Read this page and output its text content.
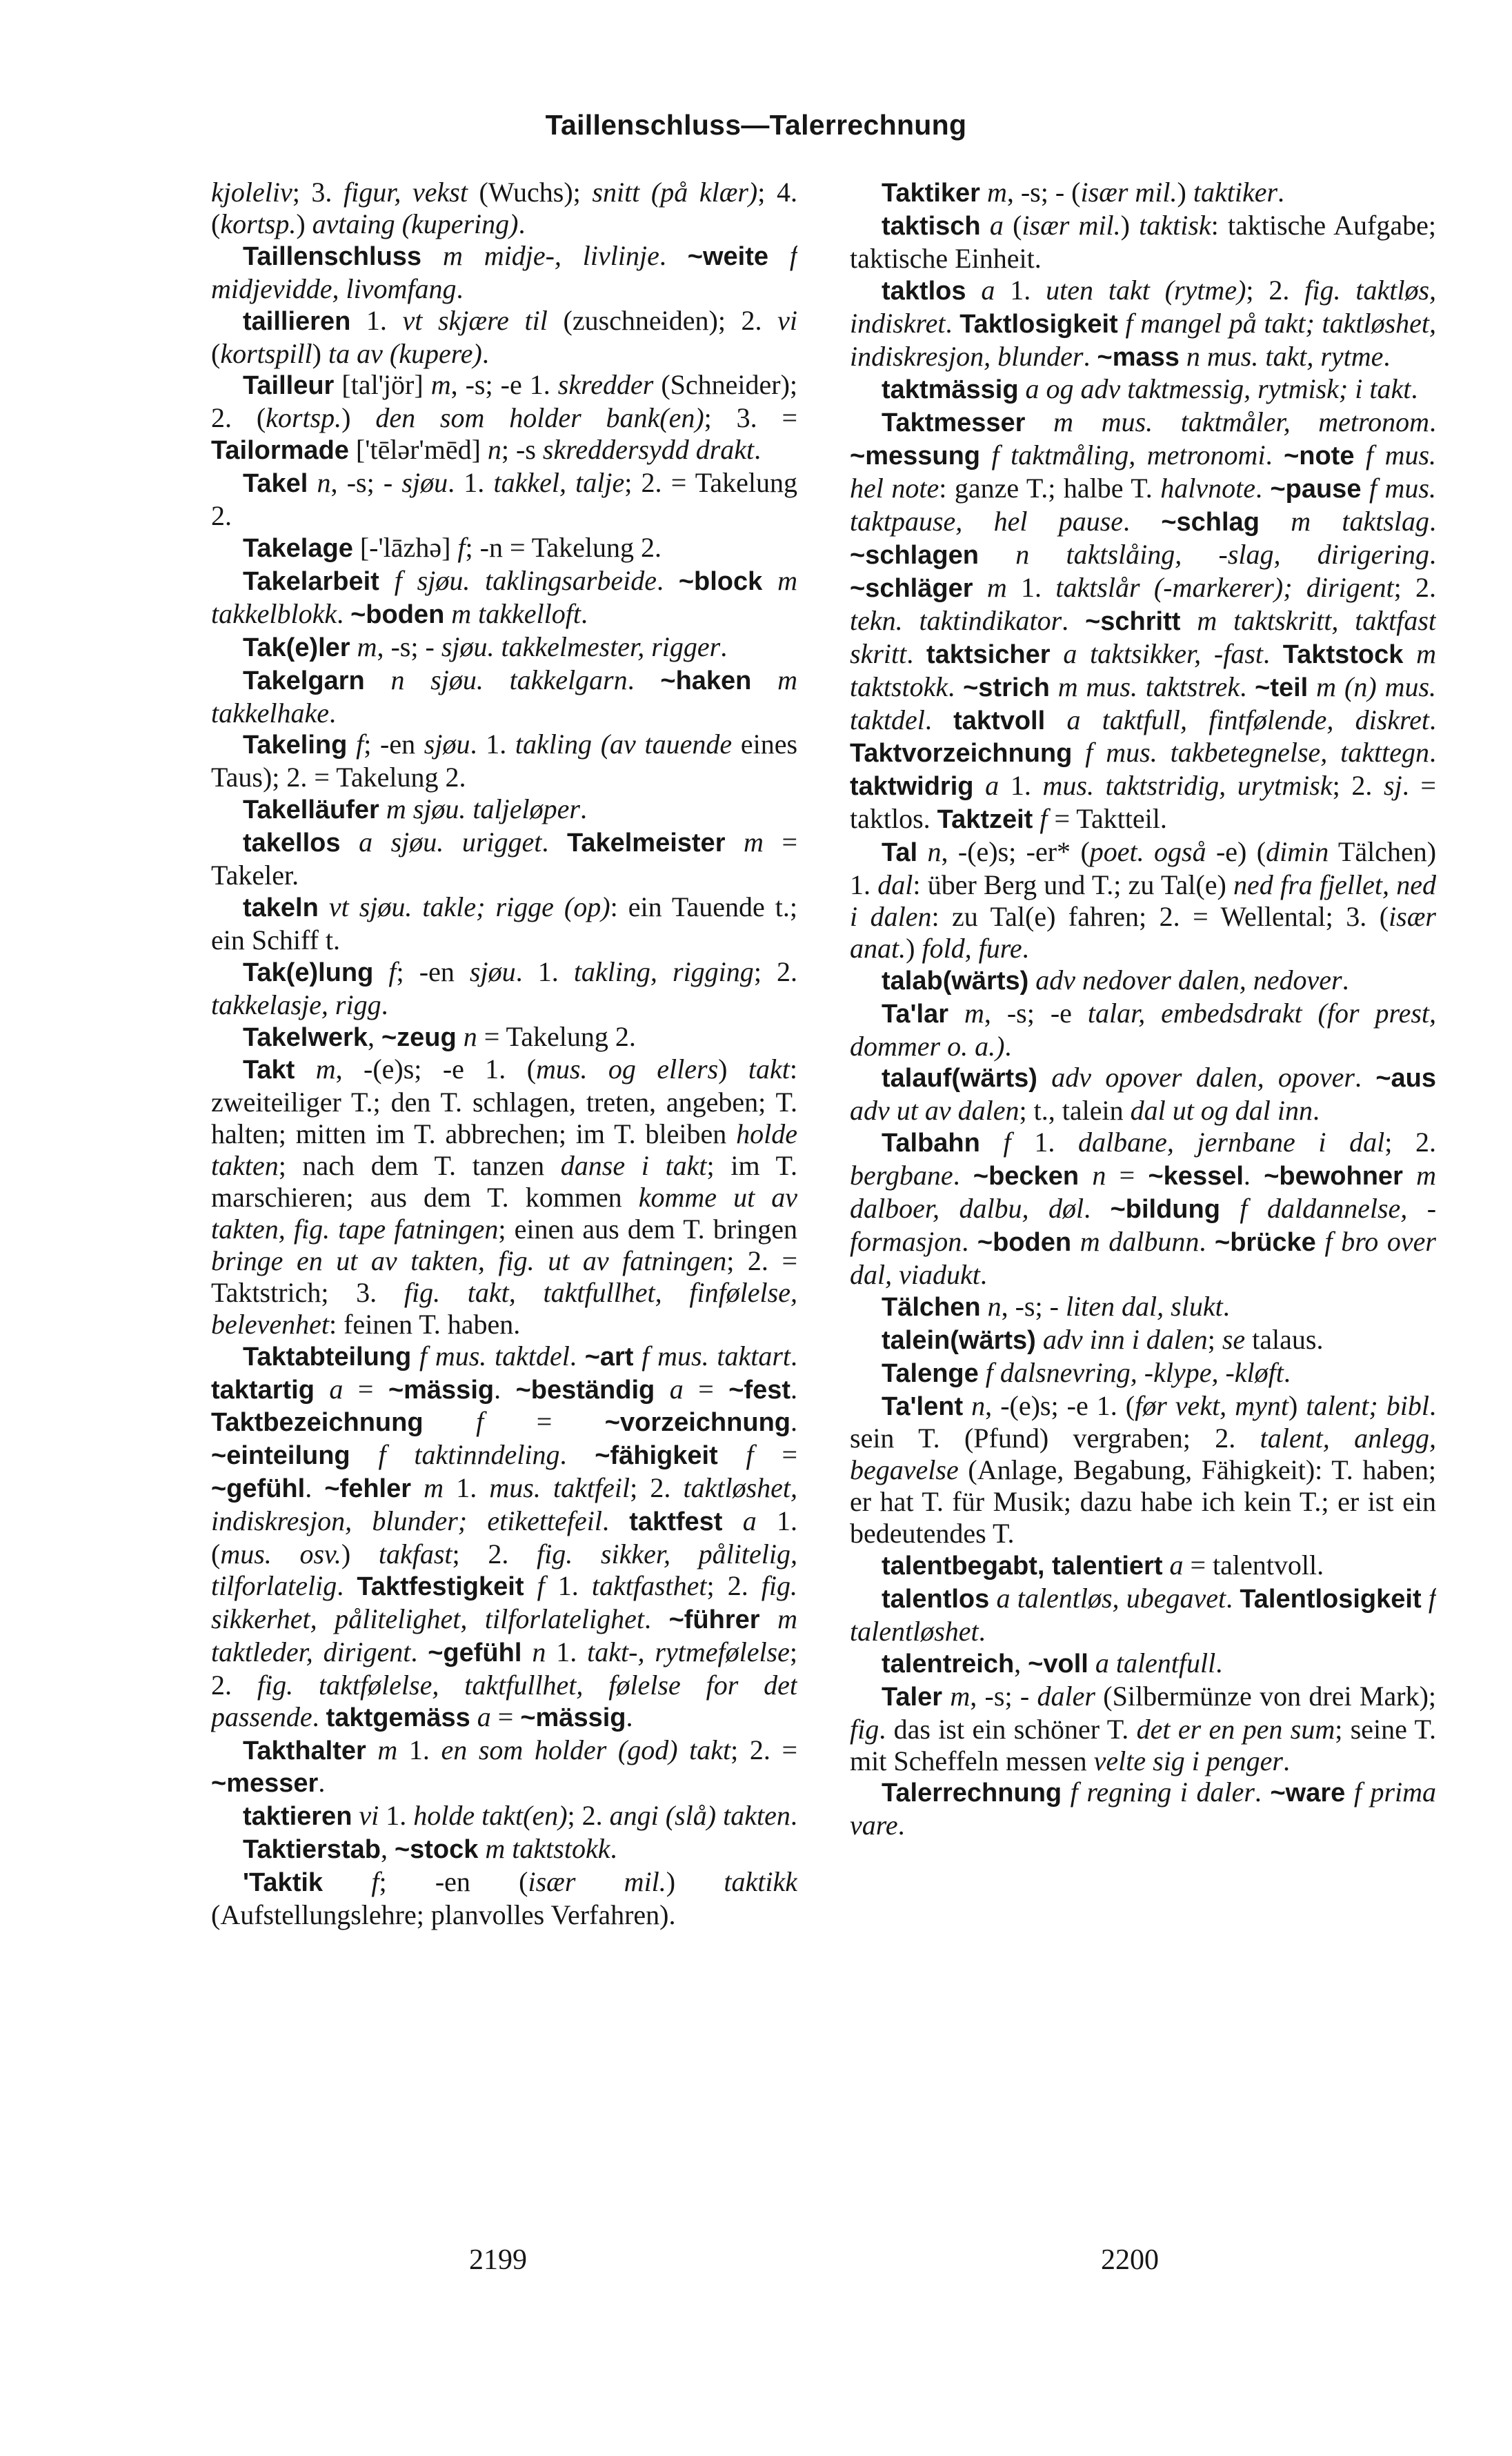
Taillenschluss—Talerrechnung

kjoleliv; 3. figur, vekst (Wuchs); snitt (på klær); 4. (kortsp.) avtaing (kupering).

Taillenschluss m midje-, livlinje. ~weite f midjevidde, livomfang.

taillieren 1. vt skjære til (zuschneiden); 2. vi (kortspill) ta av (kupere).

Tailleur [tal'jör] m, -s; -e 1. skredder (Schneider); 2. (kortsp.) den som holder bank(en); 3. = Tailormade ['tēlər'mēd] n; -s skreddersydd drakt.

Takel n, -s; - sjøu. 1. takkel, talje; 2. = Takelung 2.

Takelage [-'lāzhə] f; -n = Takelung 2.

Takelarbeit f sjøu. taklingsarbeide. ~block m takkelblokk. ~boden m takkelloft.

Tak(e)ler m, -s; - sjøu. takkelmester, rigger.

Takelgarn n sjøu. takkelgarn. ~haken m takkelhake.

Takeling f; -en sjøu. 1. takling (av tauende eines Taus); 2. = Takelung 2.

Takelläufer m sjøu. taljeløper.

takellos a sjøu. urigget. Takelmeister m = Takeler.

takeln vt sjøu. takle; rigge (op): ein Tauende t.; ein Schiff t.

Tak(e)lung f; -en sjøu. 1. takling, rigging; 2. takkelasje, rigg.

Takelwerk, ~zeug n = Takelung 2.

Takt m, -(e)s; -e 1. (mus. og ellers) takt: zweiteiliger T.; den T. schlagen, treten, angeben; T. halten; mitten im T. abbrechen; im T. bleiben holde takten; nach dem T. tanzen danse i takt; im T. marschieren; aus dem T. kommen komme ut av takten, fig. tape fatningen; einen aus dem T. bringen bringe en ut av takten, fig. ut av fatningen; 2. = Taktstrich; 3. fig. takt, taktfullhet, finfølelse, belevenhet: feinen T. haben.

Taktabteilung f mus. taktdel. ~art f mus. taktart. taktartig a = ~mässig. ~beständig a = ~fest. Taktbezeichnung f = ~vorzeichnung. ~einteilung f taktinndeling. ~fähigkeit f = ~gefühl. ~fehler m 1. mus. taktfeil; 2. taktløshet, indiskresjon, blunder; etikettefeil. taktfest a 1. (mus. osv.) takfast; 2. fig. sikker, pålitelig, tilforlatelig. Taktfestigkeit f 1. taktfasthet; 2. fig. sikkerhet, pålitelighet, tilforlatelighet. ~führer m taktleder, dirigent. ~gefühl n 1. takt-, rytmefølelse; 2. fig. taktfølelse, taktfullhet, følelse for det passende. taktgemäss a = ~mässig.

Takthalter m 1. en som holder (god) takt; 2. = ~messer.

taktieren vi 1. holde takt(en); 2. angi (slå) takten.

Taktierstab, ~stock m taktstokk.

'Taktik f; -en (især mil.) taktikk (Aufstellungslehre; planvolles Verfahren).

Taktiker m, -s; - (især mil.) taktiker.

taktisch a (især mil.) taktisk: taktische Aufgabe; taktische Einheit.

taktlos a 1. uten takt (rytme); 2. fig. taktløs, indiskret. Taktlosigkeit f mangel på takt; taktløshet, indiskresjon, blunder. ~mass n mus. takt, rytme.

taktmässig a og adv taktmessig, rytmisk; i takt.

Taktmesser m mus. taktmåler, metronom. ~messung f taktmåling, metronomi. ~note f mus. hel note: ganze T.; halbe T. halvnote. ~pause f mus. taktpause, hel pause. ~schlag m taktslag. ~schlagen n taktslåing, -slag, dirigering. ~schläger m 1. taktslår (-markerer); dirigent; 2. tekn. taktindikator. ~schritt m taktskritt, taktfast skritt. taktsicher a taktsikker, -fast. Taktstock m taktstokk. ~strich m mus. taktstrek. ~teil m (n) mus. taktdel. taktvoll a taktfull, fintfølende, diskret. Taktvorzeichnung f mus. takbetegnelse, takttegn. taktwidrig a 1. mus. taktstridig, urytmisk; 2. sj. = taktlos. Taktzeit f = Taktteil.

Tal n, -(e)s; -er* (poet. også -e) (dimin Tälchen) 1. dal: über Berg und T.; zu Tal(e) ned fra fjellet, ned i dalen: zu Tal(e) fahren; 2. = Wellental; 3. (især anat.) fold, fure.

talab(wärts) adv nedover dalen, nedover.

Ta'lar m, -s; -e talar, embedsdrakt (for prest, dommer o. a.).

talauf(wärts) adv opover dalen, opover. ~aus adv ut av dalen; t., talein dal ut og dal inn.

Talbahn f 1. dalbane, jernbane i dal; 2. bergbane. ~becken n = ~kessel. ~bewohner m dalboer, dalbu, døl. ~bildung f daldannelse, -formasjon. ~boden m dalbunn. ~brücke f bro over dal, viadukt.

Tälchen n, -s; - liten dal, slukt.

talein(wärts) adv inn i dalen; se talaus.

Talenge f dalsnevring, -klype, -kløft.

Ta'lent n, -(e)s; -e 1. (før vekt, mynt) talent; bibl. sein T. (Pfund) vergraben; 2. talent, anlegg, begavelse (Anlage, Begabung, Fähigkeit): T. haben; er hat T. für Musik; dazu habe ich kein T.; er ist ein bedeutendes T.

talentbegabt, talentiert a = talentvoll.

talentlos a talentløs, ubegavet. Talentlosigkeit f talentløshet.

talentreich, ~voll a talentfull.

Taler m, -s; - daler (Silbermünze von drei Mark); fig. das ist ein schöner T. det er en pen sum; seine T. mit Scheffeln messen velte sig i penger.

Talerrechnung f regning i daler. ~ware f prima vare.

2199	2200
